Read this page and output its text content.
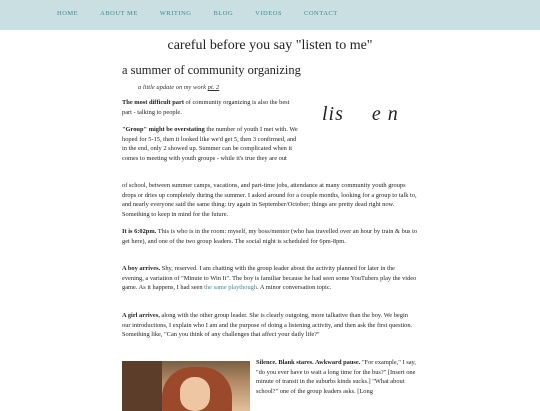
HOME	ABOUT ME	WRITING	BLOG	VIDEOS	CONTACT
careful before you say "listen to me"
a summer of community organizing
a little update on my work pt. 2
lis e n
The most difficult part of community organizing is also the best part - talking to people.
"Group" might be overstating the number of youth I met with. We hoped for 5-15, then it looked like we'd get 5, then 3 confirmed, and in the end, only 2 showed up. Summer can be complicated when it comes to meeting with youth groups - while it's true they are out
of school, between summer camps, vacations, and part-time jobs, attendance at many community youth groups drops or dries up completely during the summer. I asked around for a couple months, looking for a group to talk to, and nearly everyone said the same thing: try again in September/October; things are pretty dead right now. Something to keep in mind for the future.
It is 6:02pm. This is who is in the room: myself, my boss/mentor (who has travelled over an hour by train & bus to get here), and one of the two group leaders. The social night is scheduled for 6pm-8pm.
A boy arrives. Shy, reserved. I am chatting with the group leader about the activity planned for later in the evening, a variation of "Minute to Win It". The boy is familiar because he had seen some YouTubers play the video game. As it happens, I had seen the same playthough. A minor conversation topic.
A girl arrives, along with the other group leader. She is clearly outgoing, more talkative than the boy. We begin our introductions, I explain who I am and the purpose of doing a listening activity, and then ask the first question. Something like, "Can you think of any challenges that affect your daily life?"
Silence. Blank stares. Awkward pause. "For example," I say, "do you ever have to wait a long time for the bus?" [Insert one minute of transit in the suburbs kinds sucks.] "What about school?" one of the group leaders asks. [Long
